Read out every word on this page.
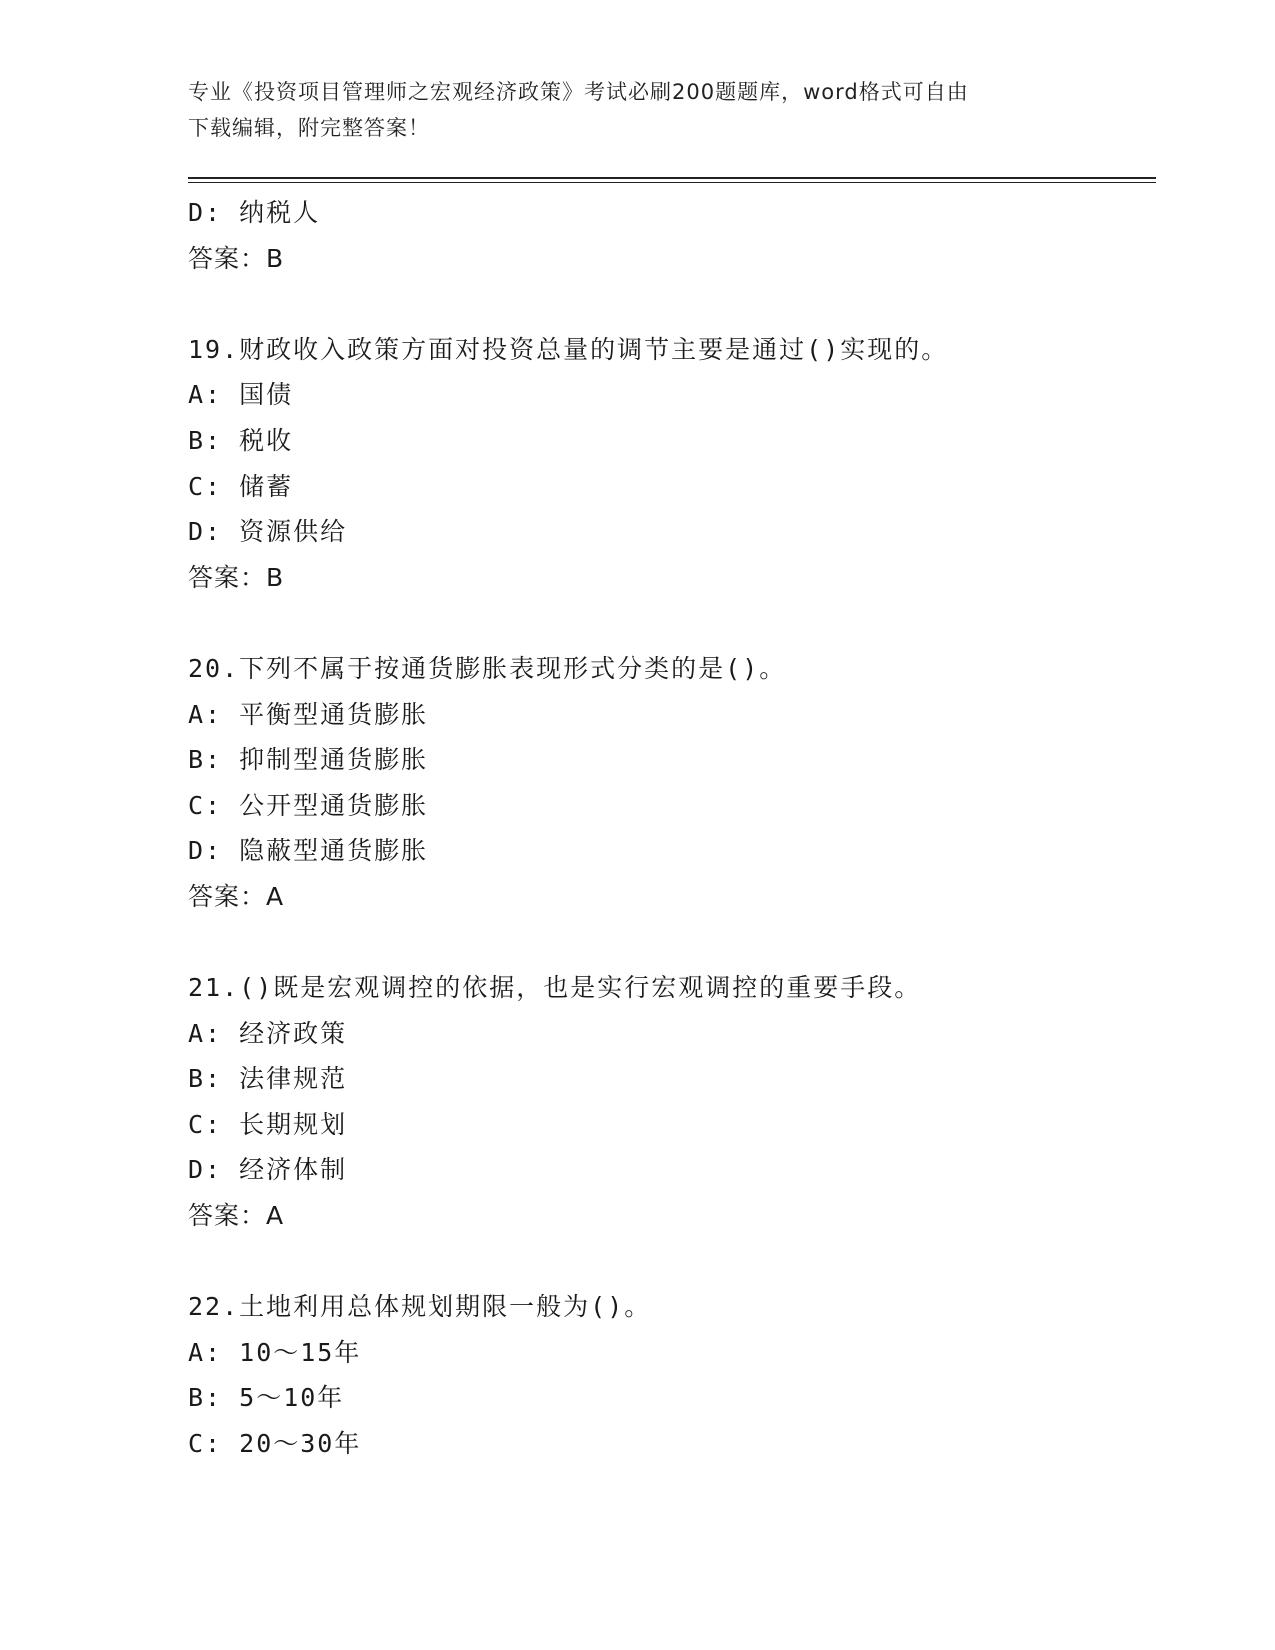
专业《投资项目管理师之宏观经济政策》考试必刷200题题库，word格式可自由
下载编辑，附完整答案！
D: 纳税人
答案：B
19.财政收入政策方面对投资总量的调节主要是通过()实现的。
A: 国债
B: 税收
C: 储蓄
D: 资源供给
答案：B
20.下列不属于按通货膨胀表现形式分类的是()。
A: 平衡型通货膨胀
B: 抑制型通货膨胀
C: 公开型通货膨胀
D: 隐蔽型通货膨胀
答案：A
21.()既是宏观调控的依据，也是实行宏观调控的重要手段。
A: 经济政策
B: 法律规范
C: 长期规划
D: 经济体制
答案：A
22.土地利用总体规划期限一般为()。
A: 10～15年
B: 5～10年
C: 20～30年
